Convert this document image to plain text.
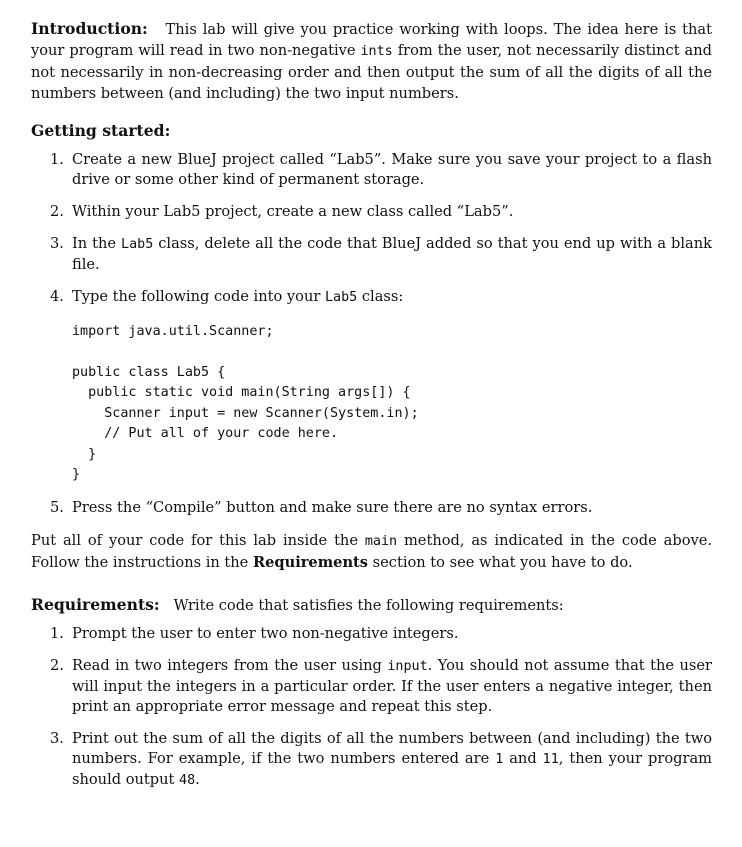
Introduction: This lab will give you practice working with loops. The idea here is that your program will read in two non-negative ints from the user, not necessarily distinct and not necessarily in non-decreasing order and then output the sum of all the digits of all the numbers between (and including) the two input numbers.

Getting started:
1. Create a new BlueJ project called “Lab5”. Make sure you save your project to a flash drive or some other kind of permanent storage.
2. Within your Lab5 project, create a new class called “Lab5”.
3. In the Lab5 class, delete all the code that BlueJ added so that you end up with a blank file.
4. Type the following code into your Lab5 class:
import java.util.Scanner;
public class Lab5 {
public static void main(String args[]) {
Scanner input = new Scanner(System.in);
// Put all of your code here.
}
}
5. Press the “Compile” button and make sure there are no syntax errors.

Put all of your code for this lab inside the main method, as indicated in the code above. Follow the instructions in the Requirements section to see what you have to do.

Requirements: Write code that satisfies the following requirements:
1. Prompt the user to enter two non-negative integers.
2. Read in two integers from the user using input. You should not assume that the user will input the integers in a particular order. If the user enters a negative integer, then print an appropriate error message and repeat this step.
3. Print out the sum of all the digits of all the numbers between (and including) the two numbers. For example, if the two numbers entered are 1 and 11, then your program should output 48.
